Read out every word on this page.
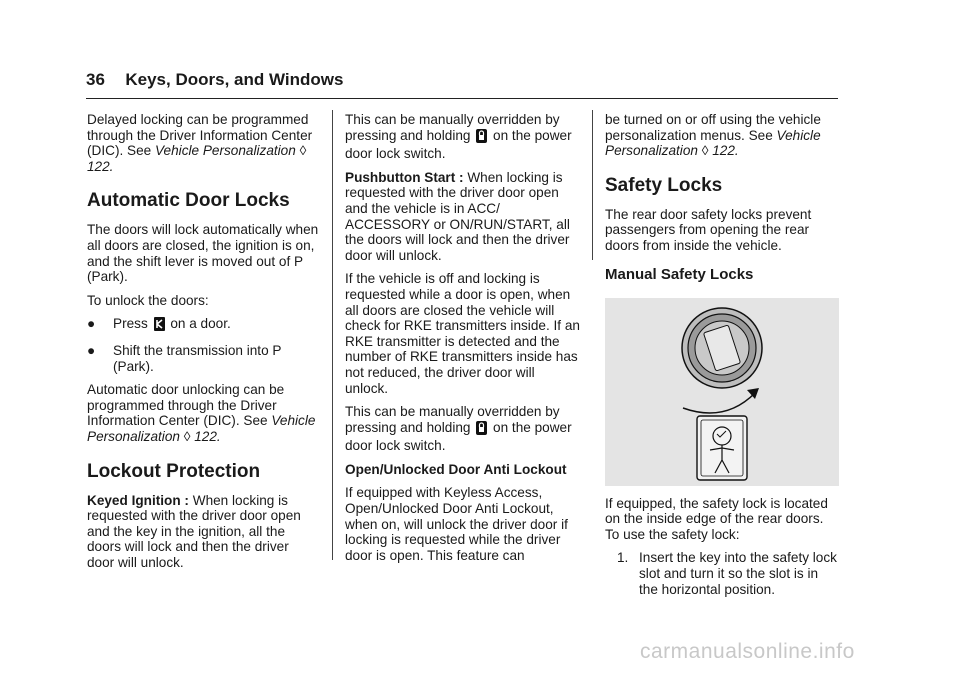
36 Keys, Doors, and Windows

Delayed locking can be programmed through the Driver Information Center (DIC). See Vehicle Personalization ◊ 122.

Automatic Door Locks

The doors will lock automatically when all doors are closed, the ignition is on, and the shift lever is moved out of P (Park).

To unlock the doors:

●	Press on a door.
●	Shift the transmission into P (Park).

Automatic door unlocking can be programmed through the Driver Information Center (DIC). See Vehicle Personalization ◊ 122.

Lockout Protection

Keyed Ignition : When locking is requested with the driver door open and the key in the ignition, all the doors will lock and then the driver door will unlock.

This can be manually overridden by pressing and holding on the power door lock switch.

Pushbutton Start : When locking is requested with the driver door open and the vehicle is in ACC/ ACCESSORY or ON/RUN/START, all the doors will lock and then the driver door will unlock.

If the vehicle is off and locking is requested while a door is open, when all doors are closed the vehicle will check for RKE transmitters inside. If an RKE transmitter is detected and the number of RKE transmitters inside has not reduced, the driver door will unlock.

This can be manually overridden by pressing and holding on the power door lock switch.

Open/Unlocked Door Anti Lockout

If equipped with Keyless Access, Open/Unlocked Door Anti Lockout, when on, will unlock the driver door if locking is requested while the driver door is open. This feature can

be turned on or off using the vehicle personalization menus. See Vehicle Personalization ◊ 122.

Safety Locks

The rear door safety locks prevent passengers from opening the rear doors from inside the vehicle.

Manual Safety Locks

If equipped, the safety lock is located on the inside edge of the rear doors. To use the safety lock:

1. Insert the key into the safety lock slot and turn it so the slot is in the horizontal position.
carmanualsonline.info
